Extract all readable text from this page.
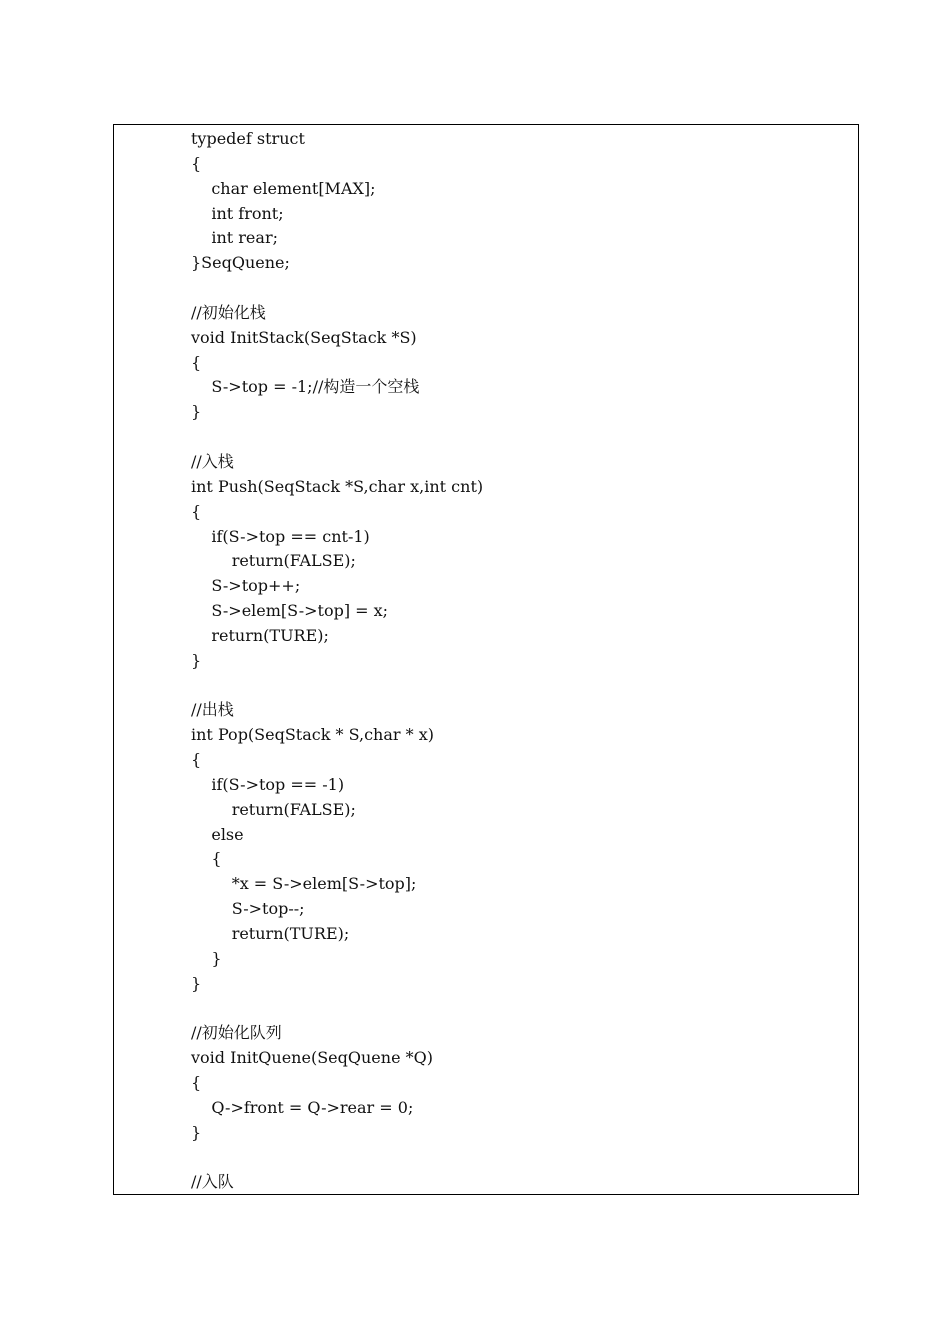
typedef struct
{
char element[MAX];
int front;
int rear;
}SeqQuene;
//初始化栈
void InitStack(SeqStack *S)
{
S->top = -1;//构造一个空栈
}
//入栈
int Push(SeqStack *S,char x,int cnt)
{
if(S->top == cnt-1)
return(FALSE);
S->top++;
S->elem[S->top] = x;
return(TURE);
}
//出栈
int Pop(SeqStack * S,char * x)
{
if(S->top == -1)
return(FALSE);
else
{
*x = S->elem[S->top];
S->top--;
return(TURE);
}
}
//初始化队列
void InitQuene(SeqQuene *Q)
{
Q->front = Q->rear = 0;
}
//入队
